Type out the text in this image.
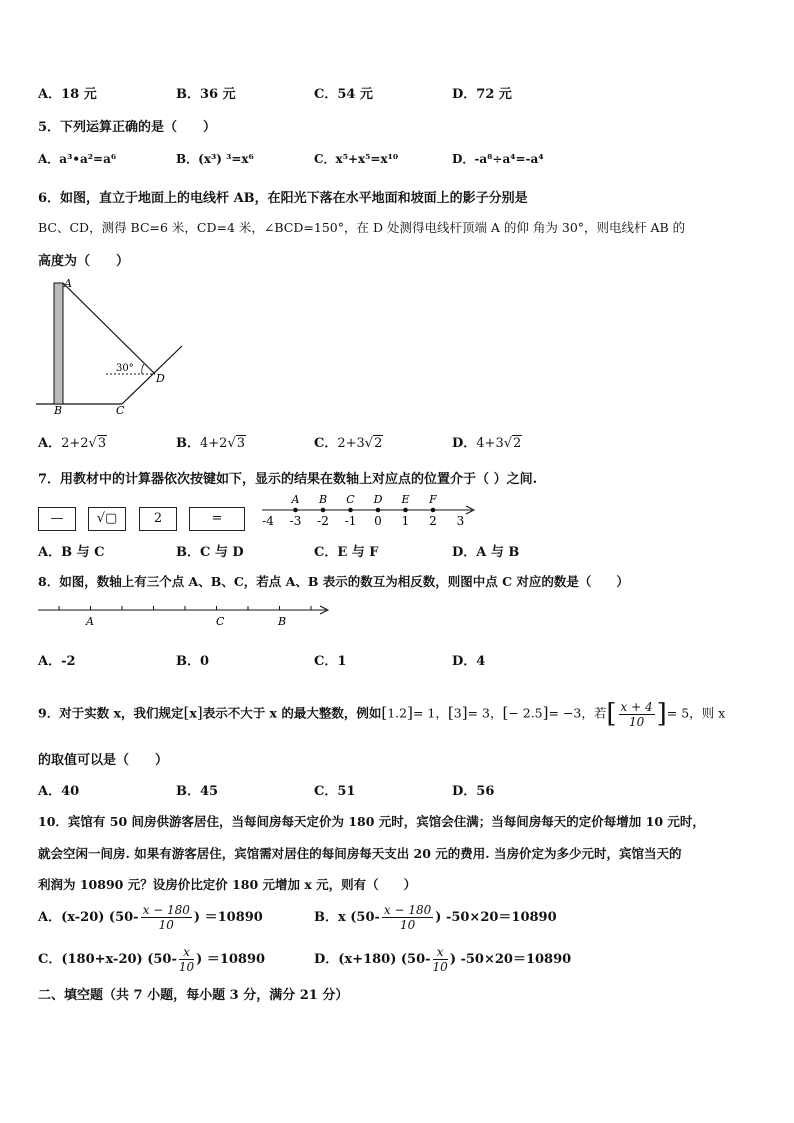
A．18 元	B．36 元	C．54 元	D．72 元
5．下列运算正确的是（　　）
A．a³•a²=a⁶	B．(x³) ³=x⁶	C．x⁵+x⁵=x¹⁰	D．-a⁸÷a⁴=-a⁴
6．如图，直立于地面上的电线杆 AB，在阳光下落在水平地面和坡面上的影子分别是
BC、CD，测得 BC=6 米，CD=4 米，∠BCD=150°，在 D 处测得电线杆顶端 A 的仰 角为 30°，则电线杆 AB 的
高度为（　　）
A
B	C
D
30°
A．2+2√3	B．4+2√3	C．2+3√2	D．4+3√2
7．用教材中的计算器依次按键如下，显示的结果在数轴上对应点的位置介于（ ）之间.
—	√▢	2	=	-4 -3
A
-2
B
-1
C
0
D
1
E
2
F
3
A．B 与 C	B．C 与 D	C．E 与 F	D．A 与 B
8．如图，数轴上有三个点 A、B、C，若点 A、B 表示的数互为相反数，则图中点 C 对应的数是（　　）
A	C	B
A．-2	B．0	C．1	D．4
9．对于实数 x，我们规定[x]表示不大于 x 的最大整数，例如[1.2]= 1，[3]= 3，[− 2.5]= −3，若[ $\frac{x + 4}{10}$ ]= 5，则 x
的取值可以是（　　）
A．40	B．45	C．51	D．56
10．宾馆有 50 间房供游客居住，当每间房每天定价为 180 元时，宾馆会住满；当每间房每天的定价每增加 10 元时，
就会空闲一间房. 如果有游客居住，宾馆需对居住的每间房每天支出 20 元的费用. 当房价定为多少元时，宾馆当天的
利润为 10890 元？设房价比定价 180 元增加 x 元，则有（　　）
A．(x-20) ($50- \frac{x - 180}{10}$ ) ＝10890	B．x ($50- \frac{x - 180}{10}$ ) -50×20＝10890
C．(180+x-20) ($50- \frac{x}{10}$ ) ＝10890	D．(x+180) ($50- \frac{x}{10}$ ) -50×20＝10890
二、填空题（共 7 小题，每小题 3 分，满分 21 分）
